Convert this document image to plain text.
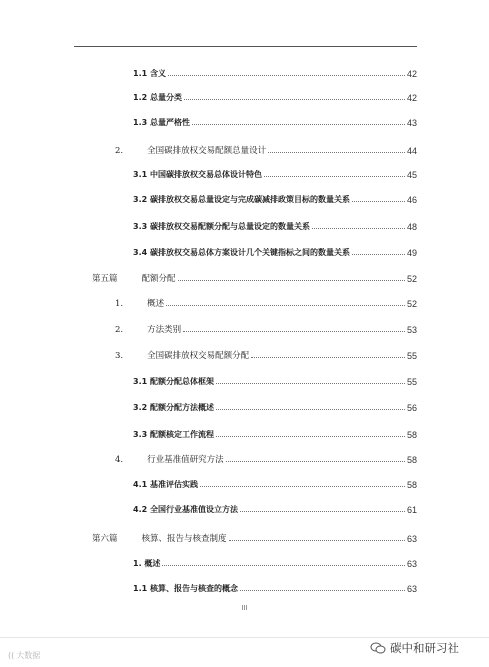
1.1 含义	42
1.2 总量分类	42
1.3 总量严格性	43
2.	全国碳排放权交易配额总量设计	44
3.1 中国碳排放权交易总体设计特色	45
3.2 碳排放权交易总量设定与完成碳减排政策目标的数量关系	46
3.3 碳排放权交易配额分配与总量设定的数量关系	48
3.4 碳排放权交易总体方案设计几个关键指标之间的数量关系	49
第五篇	配额分配	52
1.	概述	52
2.	方法类别	53
3.	全国碳排放权交易配额分配	55
3.1 配额分配总体框架	55
3.2 配额分配方法概述	56
3.3 配额核定工作流程	58
4.	行业基准值研究方法	58
4.1 基准评估实践	58
4.2 全国行业基准值设立方法	61
第六篇	核算、报告与核查制度	63
1. 概述	63
1.1 核算、报告与核查的概念	63
III
(( 大数据
碳中和研习社
